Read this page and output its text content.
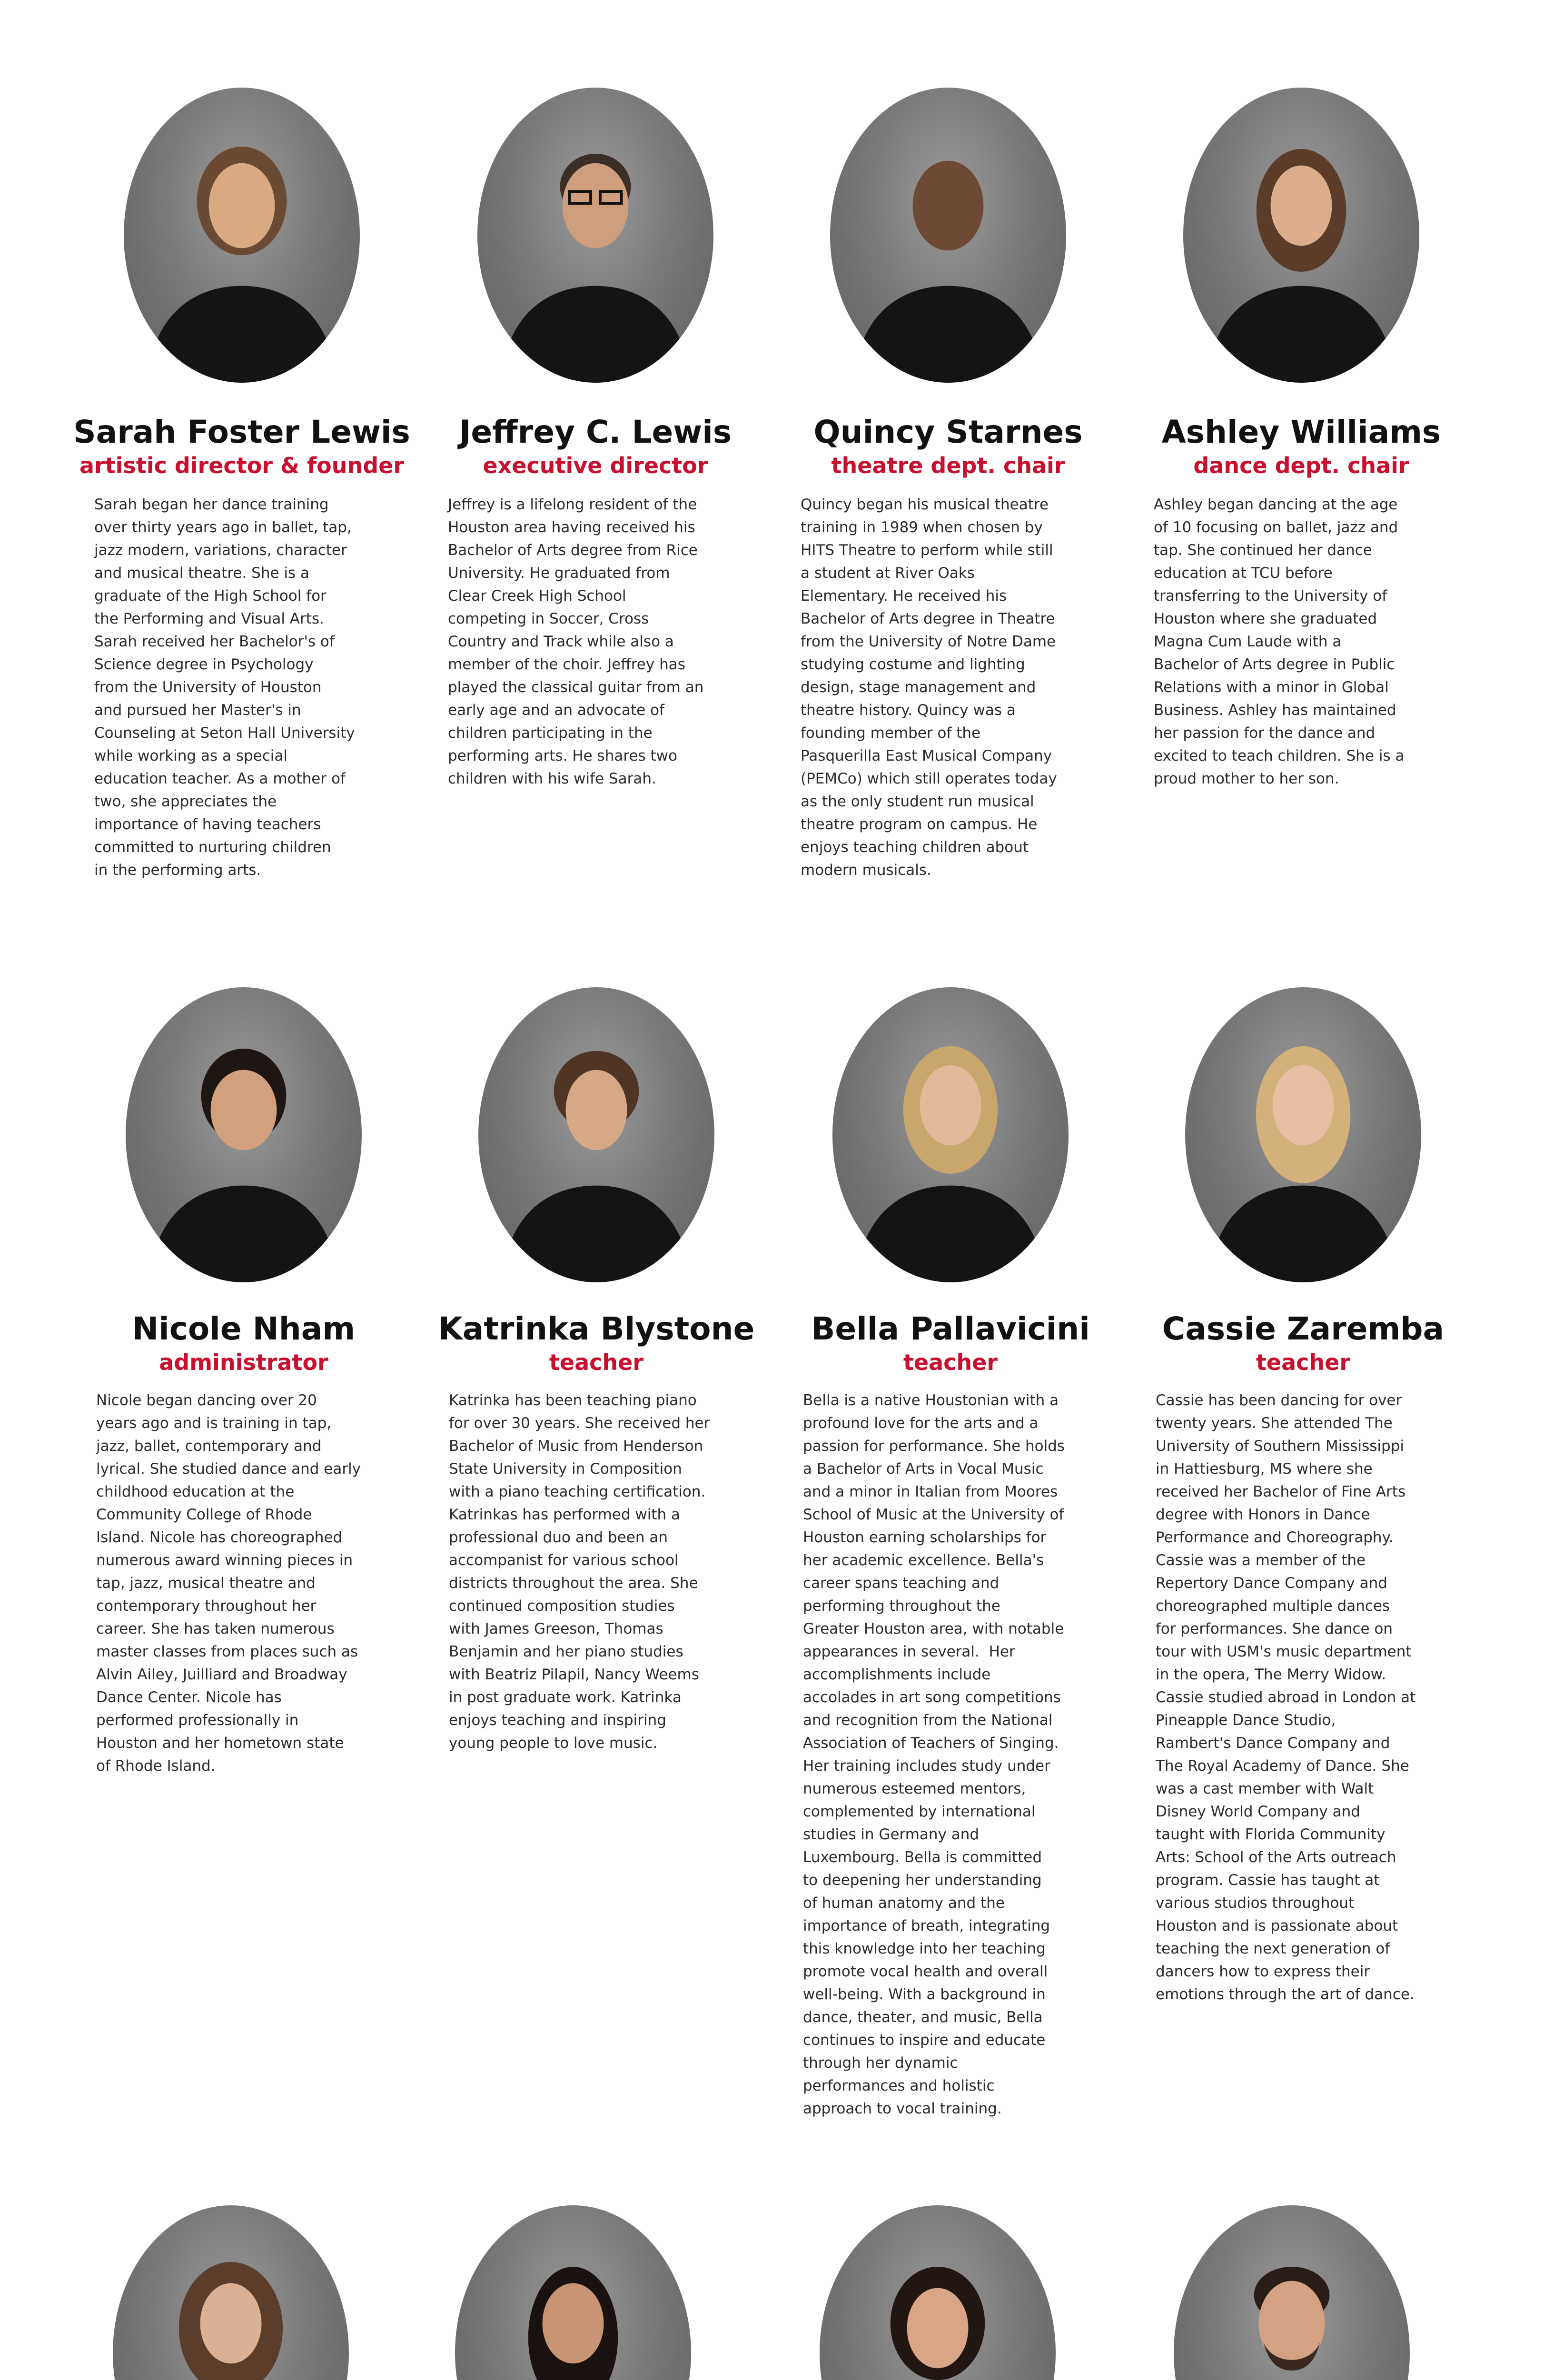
Sarah Foster Lewis
artistic director & founder

Sarah began her dance training
over thirty years ago in ballet, tap,
jazz modern, variations, character
and musical theatre. She is a
graduate of the High School for
the Performing and Visual Arts.
Sarah received her Bachelor's of
Science degree in Psychology
from the University of Houston
and pursued her Master's in
Counseling at Seton Hall University
while working as a special
education teacher. As a mother of
two, she appreciates the
importance of having teachers
committed to nurturing children
in the performing arts.

Jeffrey C. Lewis
executive director

Jeffrey is a lifelong resident of the
Houston area having received his
Bachelor of Arts degree from Rice
University. He graduated from
Clear Creek High School
competing in Soccer, Cross
Country and Track while also a
member of the choir. Jeffrey has
played the classical guitar from an
early age and an advocate of
children participating in the
performing arts. He shares two
children with his wife Sarah.

Quincy Starnes
theatre dept. chair

Quincy began his musical theatre
training in 1989 when chosen by
HITS Theatre to perform while still
a student at River Oaks
Elementary. He received his
Bachelor of Arts degree in Theatre
from the University of Notre Dame
studying costume and lighting
design, stage management and
theatre history. Quincy was a
founding member of the
Pasquerilla East Musical Company
(PEMCo) which still operates today
as the only student run musical
theatre program on campus. He
enjoys teaching children about
modern musicals.

Ashley Williams
dance dept. chair

Ashley began dancing at the age
of 10 focusing on ballet, jazz and
tap. She continued her dance
education at TCU before
transferring to the University of
Houston where she graduated
Magna Cum Laude with a
Bachelor of Arts degree in Public
Relations with a minor in Global
Business. Ashley has maintained
her passion for the dance and
excited to teach children. She is a
proud mother to her son.

Nicole Nham
administrator

Nicole began dancing over 20
years ago and is training in tap,
jazz, ballet, contemporary and
lyrical. She studied dance and early
childhood education at the
Community College of Rhode
Island. Nicole has choreographed
numerous award winning pieces in
tap, jazz, musical theatre and
contemporary throughout her
career. She has taken numerous
master classes from places such as
Alvin Ailey, Juilliard and Broadway
Dance Center. Nicole has
performed professionally in
Houston and her hometown state
of Rhode Island.

Katrinka Blystone
teacher

Katrinka has been teaching piano
for over 30 years. She received her
Bachelor of Music from Henderson
State University in Composition
with a piano teaching certification.
Katrinkas has performed with a
professional duo and been an
accompanist for various school
districts throughout the area. She
continued composition studies
with James Greeson, Thomas
Benjamin and her piano studies
with Beatriz Pilapil, Nancy Weems
in post graduate work. Katrinka
enjoys teaching and inspiring
young people to love music.

Bella Pallavicini
teacher

Bella is a native Houstonian with a
profound love for the arts and a
passion for performance. She holds
a Bachelor of Arts in Vocal Music
and a minor in Italian from Moores
School of Music at the University of
Houston earning scholarships for
her academic excellence. Bella's
career spans teaching and
performing throughout the
Greater Houston area, with notable
appearances in several.  Her
accomplishments include
accolades in art song competitions
and recognition from the National
Association of Teachers of Singing.
Her training includes study under
numerous esteemed mentors,
complemented by international
studies in Germany and
Luxembourg. Bella is committed
to deepening her understanding
of human anatomy and the
importance of breath, integrating
this knowledge into her teaching
promote vocal health and overall
well-being. With a background in
dance, theater, and music, Bella
continues to inspire and educate
through her dynamic
performances and holistic
approach to vocal training.

Cassie Zaremba
teacher

Cassie has been dancing for over
twenty years. She attended The
University of Southern Mississippi
in Hattiesburg, MS where she
received her Bachelor of Fine Arts
degree with Honors in Dance
Performance and Choreography.
Cassie was a member of the
Repertory Dance Company and
choreographed multiple dances
for performances. She dance on
tour with USM's music department
in the opera, The Merry Widow.
Cassie studied abroad in London at
Pineapple Dance Studio,
Rambert's Dance Company and
The Royal Academy of Dance. She
was a cast member with Walt
Disney World Company and
taught with Florida Community
Arts: School of the Arts outreach
program. Cassie has taught at
various studios throughout
Houston and is passionate about
teaching the next generation of
dancers how to express their
emotions through the art of dance.
